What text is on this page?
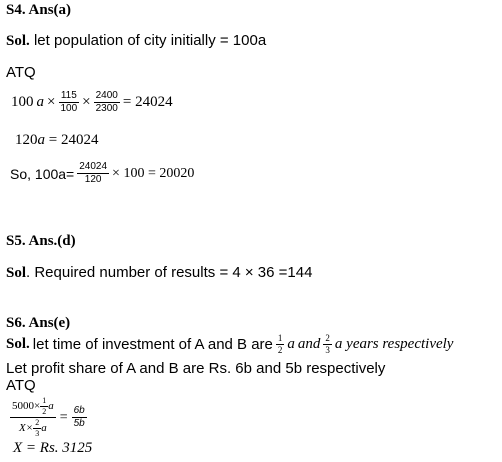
S4. Ans(a)
Sol. let population of city initially = 100a
ATQ
100 $a \times \frac{115}{100} \times \frac{2400}{2300} = 24024$
120a = 24024
So, $100a= \frac{24024}{120} \times 100 = 20020$
S5. Ans.(d)
Sol. Required number of results = 4 × 36 =144
S6. Ans(e)
Sol. let time of investment of A and B are $\frac{1}{2}$ a and $\frac{2}{3}$ a years respectively
Let profit share of A and B are Rs. 6b and 5b respectively
ATQ
$\frac{5000\times \frac{1}{2} a}{X\times \frac{2}{3} a} = \frac{6b}{5b}$
X = Rs. 3125
